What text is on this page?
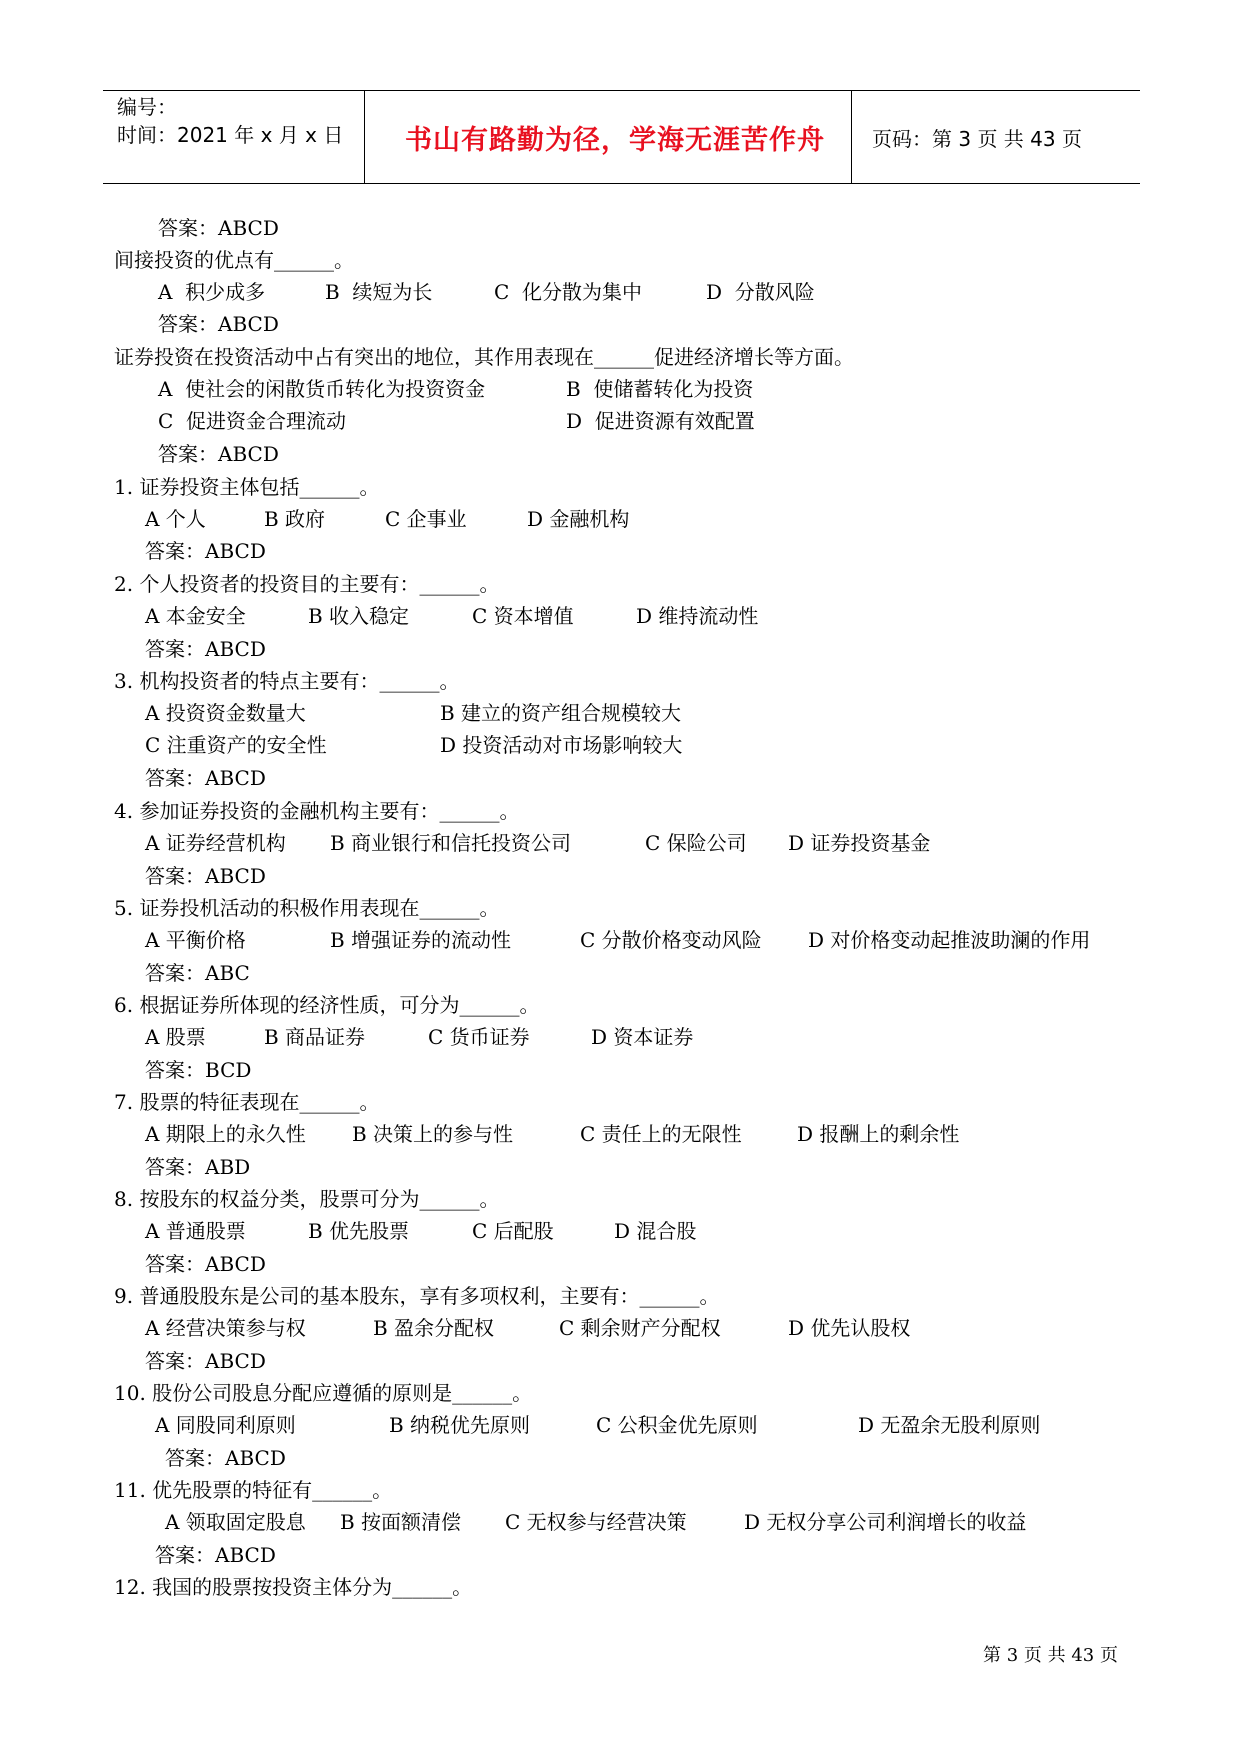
编号：
时间：2021 年 x 月 x 日	书山有路勤为径，学海无涯苦作舟	页码：第 3 页 共 43 页
答案：ABCD
间接投资的优点有______。
A  积少成多	B  续短为长	C  化分散为集中	D  分散风险
答案：ABCD
证券投资在投资活动中占有突出的地位，其作用表现在______促进经济增长等方面。
A  使社会的闲散货币转化为投资资金	B  使储蓄转化为投资
C  促进资金合理流动	D  促进资源有效配置
答案：ABCD
1. 证券投资主体包括______。
A 个人	B 政府	C 企事业	D 金融机构
答案：ABCD
2. 个人投资者的投资目的主要有：______。
A 本金安全	B 收入稳定	C 资本增值	D 维持流动性
答案：ABCD
3. 机构投资者的特点主要有：______。
A 投资资金数量大	B 建立的资产组合规模较大
C 注重资产的安全性	D 投资活动对市场影响较大
答案：ABCD
4. 参加证券投资的金融机构主要有：______。
A 证券经营机构 B 商业银行和信托投资公司	C 保险公司 D 证券投资基金
答案：ABCD
5. 证券投机活动的积极作用表现在______。
A 平衡价格	B 增强证券的流动性	C 分散价格变动风险 D 对价格变动起推波助澜的作用
答案：ABC
6. 根据证券所体现的经济性质，可分为______。
A 股票	B 商品证券	C 货币证券	D 资本证券
答案：BCD
7. 股票的特征表现在______。
A 期限上的永久性 B 决策上的参与性	C 责任上的无限性	D 报酬上的剩余性
答案：ABD
8. 按股东的权益分类，股票可分为______。
A 普通股票	B 优先股票	C 后配股	D 混合股
答案：ABCD
9. 普通股股东是公司的基本股东，享有多项权利，主要有：______。
A 经营决策参与权	B 盈余分配权	C 剩余财产分配权	D 优先认股权
答案：ABCD
10. 股份公司股息分配应遵循的原则是______。
A 同股同利原则	B 纳税优先原则	C 公积金优先原则	D 无盈余无股利原则
答案：ABCD
11. 优先股票的特征有______。
A 领取固定股息 B 按面额清偿 C 无权参与经营决策	D 无权分享公司利润增长的收益
答案：ABCD
12. 我国的股票按投资主体分为______。
第 3 页 共 43 页
